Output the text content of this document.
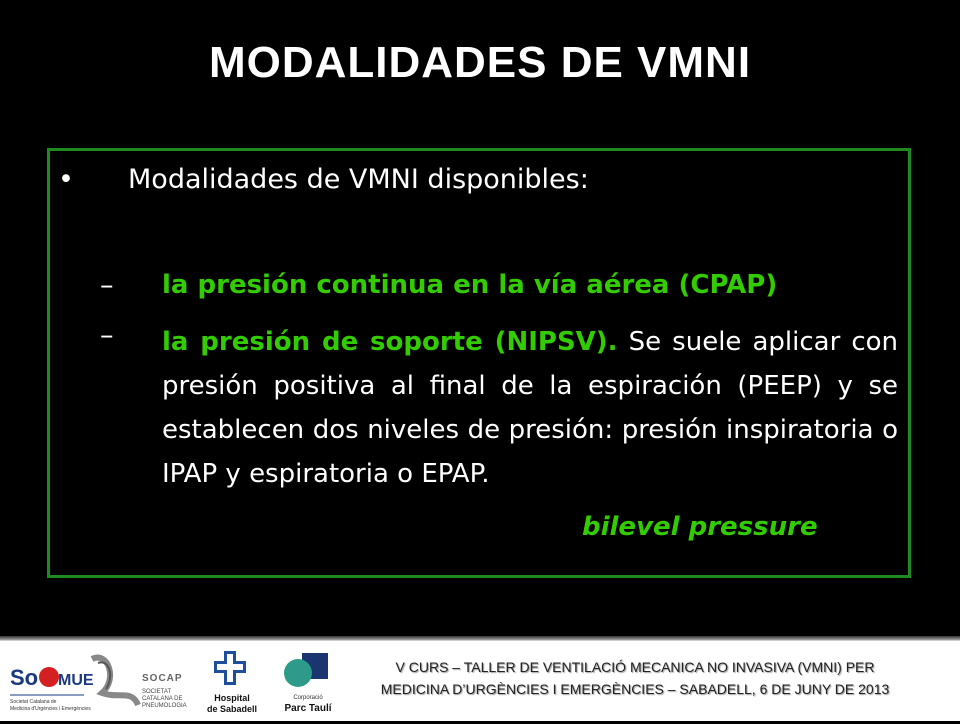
MODALIDADES DE VMNI
• Modalidades de VMNI disponibles:
– la presión continua en la vía aérea (CPAP)
– la presión de soporte (NIPSV). Se suele aplicar con presión positiva al final de la espiración (PEEP) y se establecen dos niveles de presión: presión inspiratoria o IPAP y espiratoria o EPAP.
bilevel pressure
So MUE
Societat Catalana de
Medicina d'Urgències i Emergències
SOCAP
SOCIETAT
CATALANA DE
PNEUMOLOGIA
Hospital
de Sabadell
Corporació
Parc Taulí
V CURS – TALLER DE VENTILACIÓ MECANICA NO INVASIVA (VMNI) PER
MEDICINA D’URGÈNCIES I EMERGÈNCIES – SABADELL, 6 DE JUNY DE 2013
